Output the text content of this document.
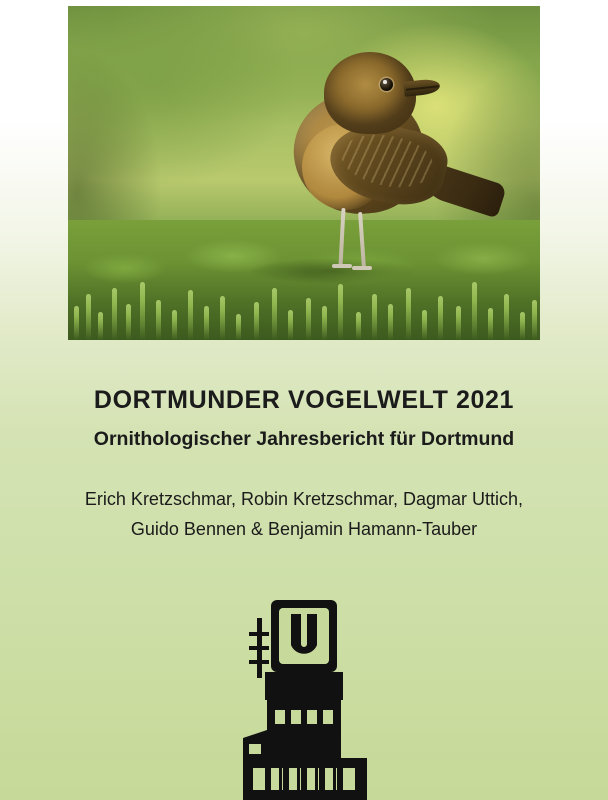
DORTMUNDER VOGELWELT 2021
Ornithologischer Jahresbericht für Dortmund
Erich Kretzschmar, Robin Kretzschmar, Dagmar Uttich,
Guido Bennen & Benjamin Hamann-Tauber
